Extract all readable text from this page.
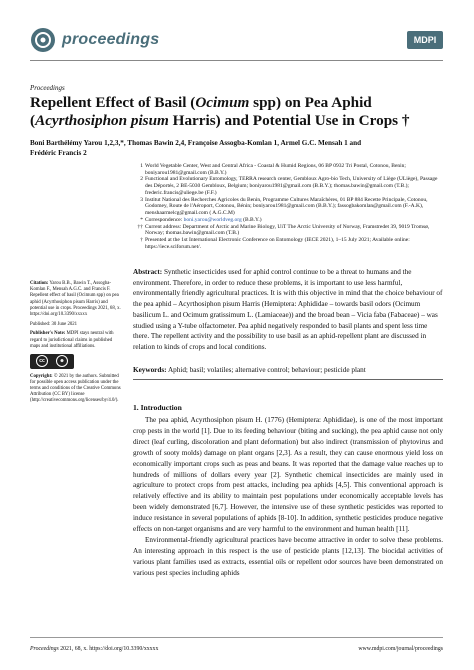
proceedings	MDPI
Proceedings
Repellent Effect of Basil (Ocimum spp) on Pea Aphid
(Acyrthosiphon pisum Harris) and Potential Use in Crops †
Boni Barthélémy Yarou 1,2,3,*, Thomas Bawin 2,4, Françoise Assogba-Komlan 1, Armel G.C. Mensah 1 and
Frédéric Francis 2
1 World Vegetable Center, West and Central Africa - Coastal & Humid Regions, 06 BP 0932 Tri Postal, Cotonou, Benin; boniyarou1981@gmail.com (B.B.Y.)
2 Functional and Evolutionary Entomology, TERRA research center, Gembloux Agro-bio Tech, University of Liège (ULiège), Passage des Déportés, 2 BE-5030 Gembloux, Belgium; boniyarou1981@gmail.com (B.B.Y.); thomas.bawin@gmail.com (T.B.); frederic.francis@uliege.be (F.F.)
3 Institut National des Recherches Agricoles du Benin, Programme Cultures Maraîchères, 01 BP 884 Recette Principale, Cotonou, Godomey, Route de l'Aéroport, Cotonou, Bénin; boniyarou1981@gmail.com (B.B.Y.); fassogbakomlan@gmail.com (F.-A.K), menshaarmelcg@gmail.com ( A.G.C.M)
* Correspondence: boni.yarou@worldveg.org (B.B.Y.)
†† Current address: Department of Arctic and Marine Biology, UiT The Arctic University of Norway, Framstredet 39, 9019 Tromsø, Norway; thomas.bawin@gmail.com (T.B.)
† Presented at the 1st International Electronic Conference on Entomology (IECE 2021), 1–15 July 2021; Available online: https://iece.sciforum.net/.

Citation: Yarou B.B., Bawin T., Assogba-Komlan F., Mensah A.G.C. and Francis F. Repellent effect of basil (Ocimum spp) on pea aphid (Acyrthosiphon pisum Harris) and potential use in crops. Proceedings 2021, 68, x. https://doi.org/10.3390/xxxxx

Published: 30 June 2021

Publisher's Note: MDPI stays neutral with regard to jurisdictional claims in published maps and institutional affiliations.

cc	☻

Copyright: © 2021 by the authors. Submitted for possible open access publication under the terms and conditions of the Creative Commons Attribution (CC BY) license (http://creativecommons.org/licenses/by/4.0/).

Abstract: Synthetic insecticides used for aphid control continue to be a threat to humans and the environment. Therefore, in order to reduce these problems, it is important to use less harmful, environmentally friendly agricultural practices. It is with this objective in mind that the choice behaviour of the pea aphid – Acyrthosiphon pisum Harris (Hemiptera: Aphididae – towards basil odors (Ocimum basilicum L. and Ocimum gratissimum L. (Lamiaceae)) and the broad bean – Vicia faba (Fabaceae) – was studied using a Y-tube olfactometer. Pea aphid negatively responded to basil plants and spent less time there. The repellent activity and the possibility to use basil as an aphid-repellent plant are discussed in relation to kinds of crops and local conditions.
Keywords: Aphid; basil; volatiles; alternative control; behaviour; pesticide plant
1. Introduction

The pea aphid, Acyrthosiphon pisum H. (1776) (Hemiptera: Aphididae), is one of the most important crop pests in the world [1]. Due to its feeding behaviour (biting and sucking), the pea aphid cause not only direct (leaf curling, discoloration and plant deformation) but also indirect (transmission of phytovirus and growth of sooty molds) damage on plant organs [2,3]. As a result, they can cause enormous yield loss on economically important crops such as peas and beans. It was reported that the damage value reaches up to hundreds of millions of dollars every year [2]. Synthetic chemical insecticides are mainly used in agriculture to protect crops from pest attacks, including pea aphids [4,5]. This conventional approach is relatively effective and its ability to maintain pest populations under economically acceptable levels has been widely demonstrated [6,7]. However, the intensive use of these synthetic pesticides was reported to induce resistance in several populations of aphids [8-10]. In addition, synthetic pesticides produce negative effects on non-target organisms and are very harmful to the environment and human health [11].

Environmental-friendly agricultural practices have become attractive in order to solve these problems. An interesting approach in this respect is the use of pesticide plants [12,13]. The biocidal activities of various plant families used as extracts, essential oils or repellent odor sources have been demonstrated on various pest species including aphids

Proceedings 2021, 68, x. https://doi.org/10.3390/xxxxx	www.mdpi.com/journal/proceedings
